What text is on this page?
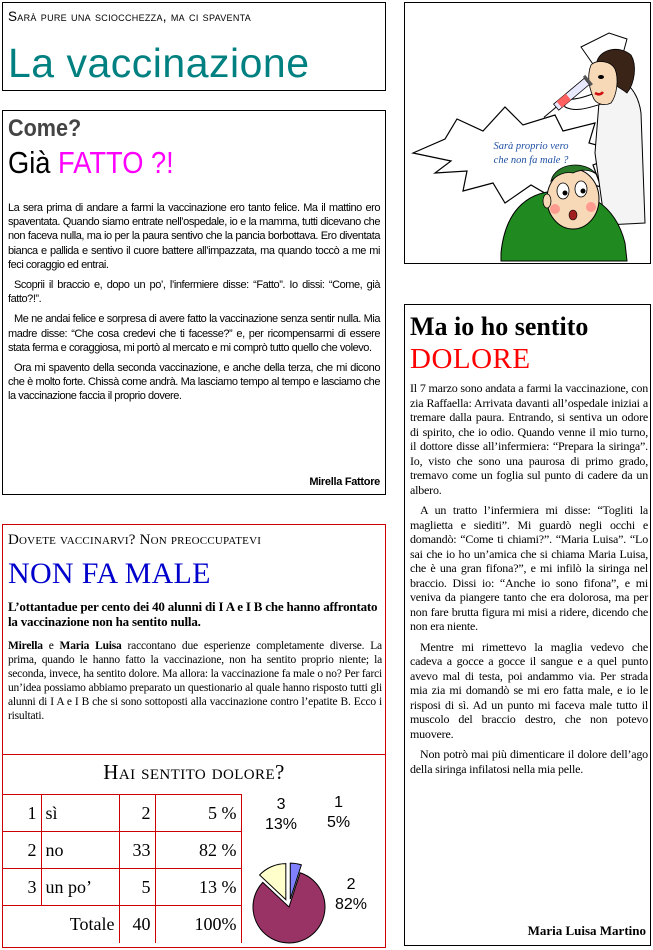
Sarà pure una sciocchezza, ma ci spaventa
La vaccinazione
Sarà proprio vero
che non fa male ?
Come?
Già FATTO ?!

La sera prima di andare a farmi la vaccinazione ero tanto felice. Ma il mattino ero spaventata. Quando siamo entrate nell’ospedale, io e la mamma, tutti dicevano che non faceva nulla, ma io per la paura sentivo che la pancia borbottava. Ero diventata bianca e pallida e sentivo il cuore battere all’impazzata, ma quando toccò a me mi feci coraggio ed entrai.

Scoprii il braccio e, dopo un po’, l’infermiere disse: “Fatto”. Io dissi: “Come, già fatto?!”.

Me ne andai felice e sorpresa di avere fatto la vaccinazione senza sentir nulla. Mia madre disse: “Che cosa credevi che ti facesse?” e, per ricompensarmi di essere stata ferma e coraggiosa, mi portò al mercato e mi comprò tutto quello che volevo.

Ora mi spavento della seconda vaccinazione, e anche della terza, che mi dicono che è molto forte. Chissà come andrà. Ma lasciamo tempo al tempo e lasciamo che la vaccinazione faccia il proprio dovere.

Mirella Fattore
Ma io ho sentito
DOLORE

Il 7 marzo sono andata a farmi la vaccinazione, con zia Raffaella: Arrivata davanti all’ospedale iniziai a tremare dalla paura. Entrando, si sentiva un odore di spirito, che io odio. Quando venne il mio turno, il dottore disse all’infermiera: “Prepara la siringa”. Io, visto che sono una paurosa di primo grado, tremavo come un foglia sul punto di cadere da un albero.

A un tratto l’infermiera mi disse: “Togliti la maglietta e siediti”. Mi guardò negli occhi e domandò: “Come ti chiami?”. “Maria Luisa”. “Lo sai che io ho un’amica che si chiama Maria Luisa, che è una gran fifona?”, e mi infilò la siringa nel braccio. Dissi io: “Anche io sono fifona”, e mi veniva da piangere tanto che era dolorosa, ma per non fare brutta figura mi misi a ridere, dicendo che non era niente.

Mentre mi rimettevo la maglia vedevo che cadeva a gocce a gocce il sangue e a quel punto avevo mal di testa, poi andammo via. Per strada mia zia mi domandò se mi ero fatta male, e io le risposi di sì. Ad un punto mi faceva male tutto il muscolo del braccio destro, che non potevo muovere.

Non potrò mai più dimenticare il dolore dell’ago della siringa infilatosi nella mia pelle.

Maria Luisa Martino
Dovete vaccinarvi? Non preoccupatevi
NON FA MALE
L’ottantadue per cento dei 40 alunni di I A e I B che hanno affrontato la vaccinazione non ha sentito nulla.
Mirella e Maria Luisa raccontano due esperienze completamente diverse. La prima, quando le hanno fatto la vaccinazione, non ha sentito proprio niente; la seconda, invece, ha sentito dolore. Ma allora: la vaccinazione fa male o no? Per farci un’idea possiamo abbiamo preparato un questionario al quale hanno risposto tutti gli alunni di I A e I B che si sono sottoposti alla vaccinazione contro l’epatite B. Ecco i risultati.
Hai sentito dolore?
1	sì	2	5 %
2	no	33	82 %
3	un po’	5	13 %
Totale		40	100%
3
13%
1
5%
2
82%
